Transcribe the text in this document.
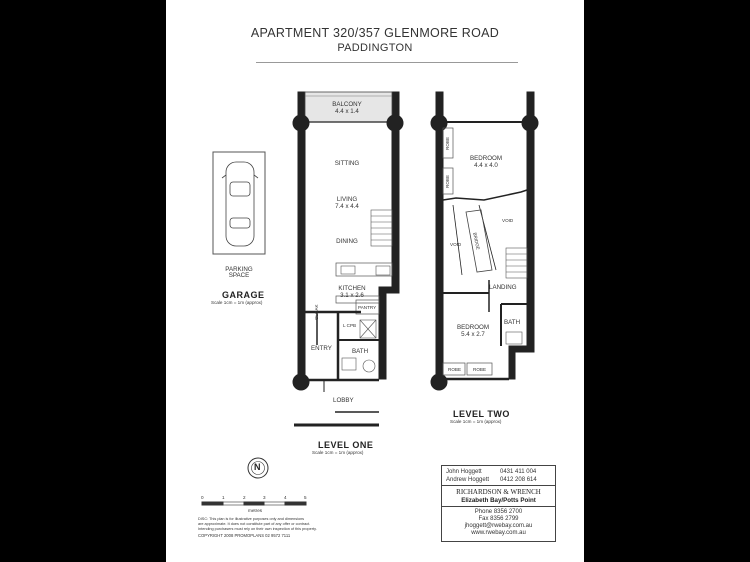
APARTMENT 320/357 GLENMORE ROAD
PADDINGTON
BALCONY
4.4 x 1.4
SITTING
LIVING
7.4 x 4.4
DINING
KITCHEN
3.1 x 2.6
PANTRY
L CPB
CLOAK
ENTRY	BATH
LOBBY
BEDROOM
4.4 x 4.0
ROBE
ROBE
VOID
VOID
BRIDGE
LANDING
BEDROOM
5.4 x 2.7
BATH
ROBE	ROBE
PARKING
SPACE
GARAGE
Scale 1cm = 1m (approx)
LEVEL ONE
Scale 1cm = 1m (approx)
LEVEL TWO
Scale 1cm = 1m (approx)
N
0	1	2	3	4	5
metres
DISC: This plan is for illustrative purposes only and dimensions
are approximate. It does not constitute part of any offer or contract.
Intending purchasers must rely on their own inspection of this property.
COPYRIGHT 2008 PROMOPLANS 02 9572 7111
John Hoggett	0431 411 004
Andrew Hoggett 0412 208 614
RICHARDSON & WRENCH
Elizabeth Bay/Potts Point
Phone 8356 2700
Fax 8356 2799
jhoggett@rwebay.com.au
www.rwebay.com.au
